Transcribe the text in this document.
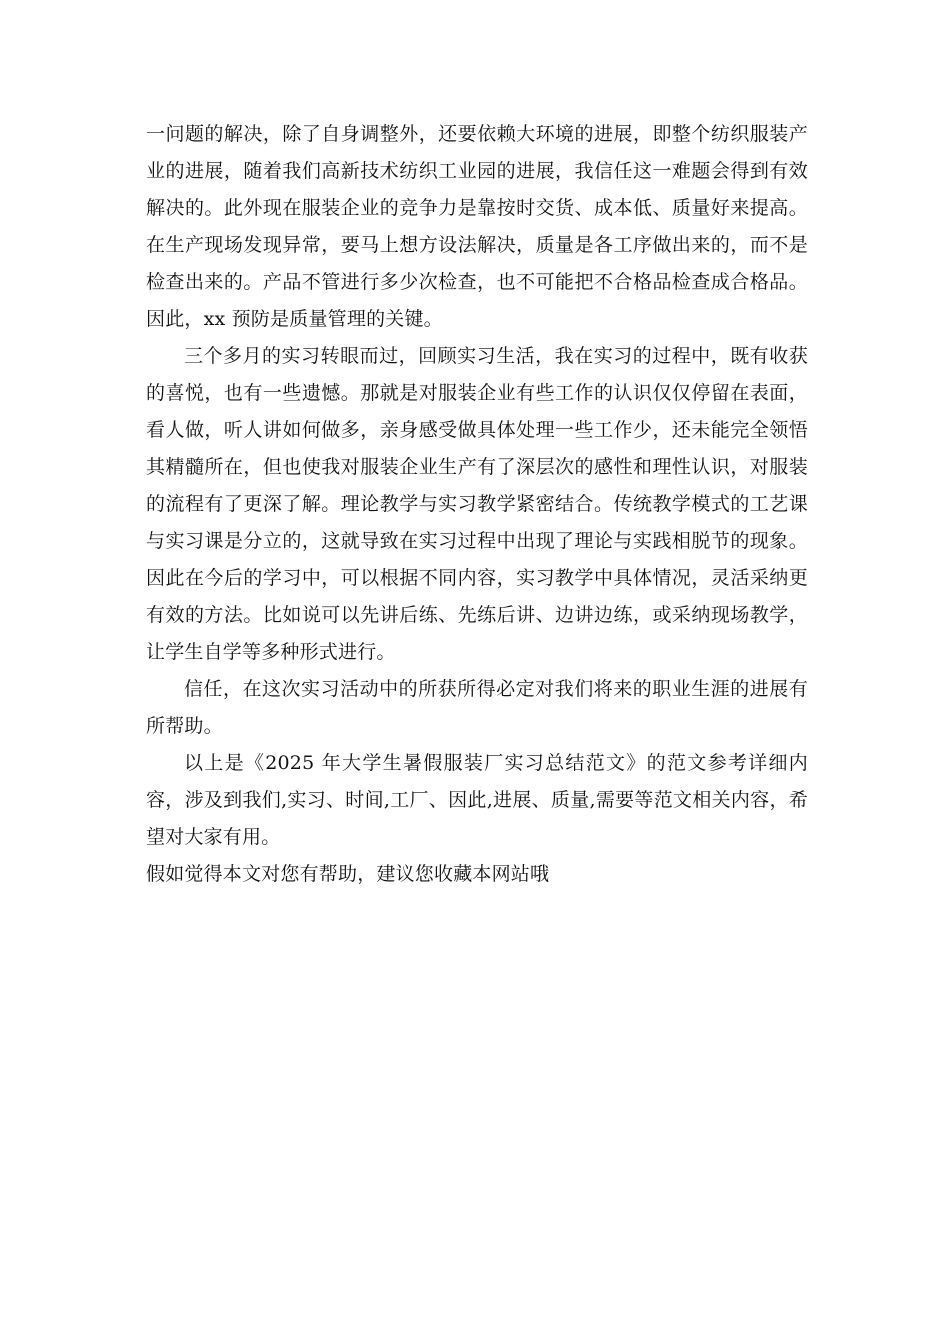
一问题的解决，除了自身调整外，还要依赖大环境的进展，即整个纺织服装产业的进展，随着我们高新技术纺织工业园的进展，我信任这一难题会得到有效解决的。此外现在服装企业的竞争力是靠按时交货、成本低、质量好来提高。在生产现场发现异常，要马上想方设法解决，质量是各工序做出来的，而不是检查出来的。产品不管进行多少次检查，也不可能把不合格品检查成合格品。因此，xx 预防是质量管理的关键。

三个多月的实习转眼而过，回顾实习生活，我在实习的过程中，既有收获的喜悦，也有一些遗憾。那就是对服装企业有些工作的认识仅仅停留在表面，看人做，听人讲如何做多，亲身感受做具体处理一些工作少，还未能完全领悟其精髓所在，但也使我对服装企业生产有了深层次的感性和理性认识，对服装的流程有了更深了解。理论教学与实习教学紧密结合。传统教学模式的工艺课与实习课是分立的，这就导致在实习过程中出现了理论与实践相脱节的现象。因此在今后的学习中，可以根据不同内容，实习教学中具体情况，灵活采纳更有效的方法。比如说可以先讲后练、先练后讲、边讲边练，或采纳现场教学，让学生自学等多种形式进行。

信任，在这次实习活动中的所获所得必定对我们将来的职业生涯的进展有所帮助。

以上是《2025 年大学生暑假服装厂实习总结范文》的范文参考详细内容，涉及到我们,实习、时间,工厂、因此,进展、质量,需要等范文相关内容，希望对大家有用。

假如觉得本文对您有帮助，建议您收藏本网站哦
